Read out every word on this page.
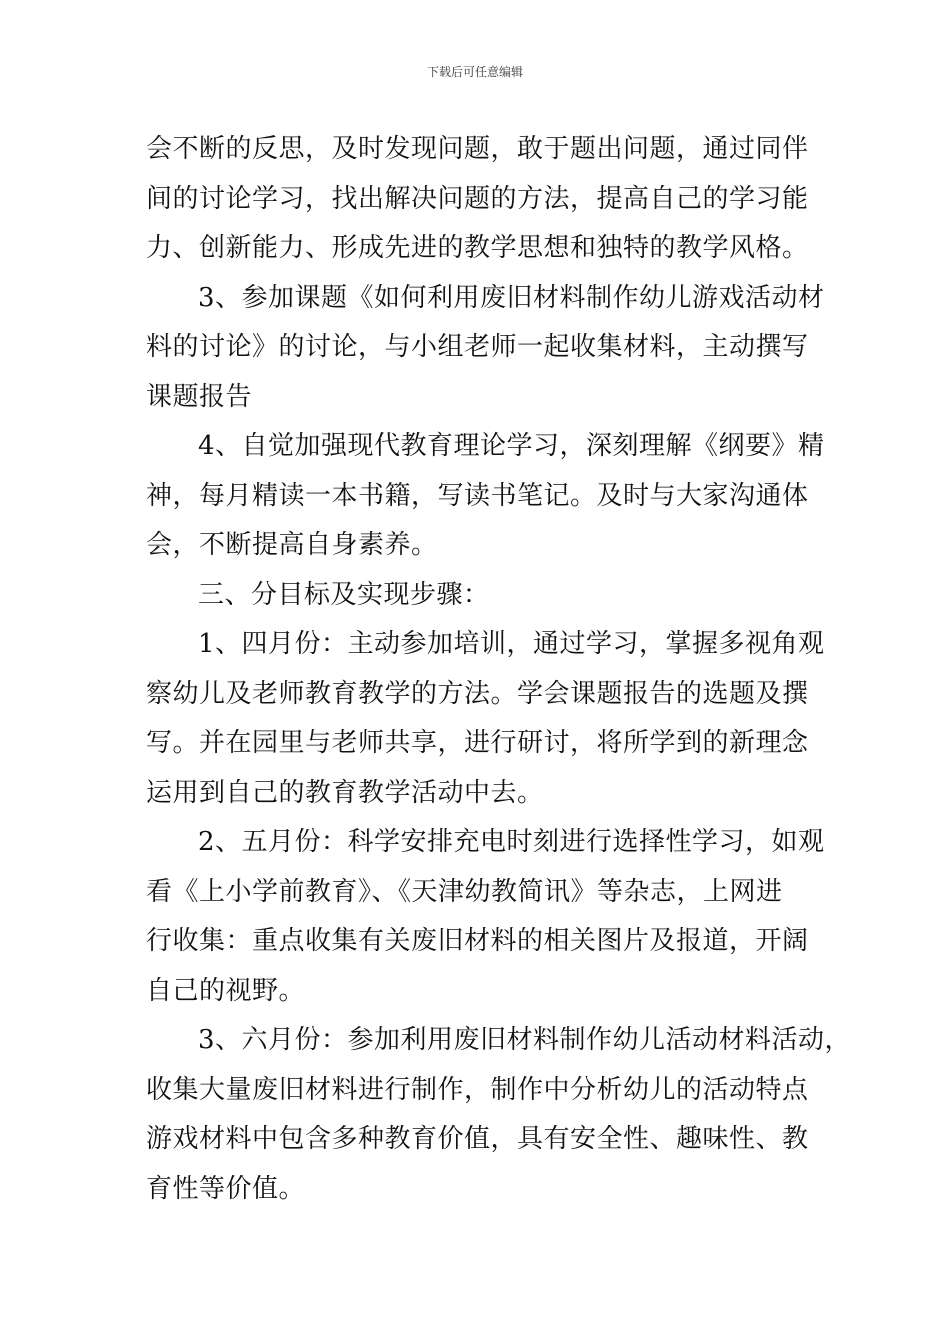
下载后可任意编辑
会不断的反思，及时发现问题，敢于题出问题，通过同伴
间的讨论学习，找出解决问题的方法，提高自己的学习能
力、创新能力、形成先进的教学思想和独特的教学风格。
3、参加课题《如何利用废旧材料制作幼儿游戏活动材
料的讨论》的讨论，与小组老师一起收集材料，主动撰写
课题报告
4、自觉加强现代教育理论学习，深刻理解《纲要》精
神，每月精读一本书籍，写读书笔记。及时与大家沟通体
会，不断提高自身素养。
三、分目标及实现步骤：
1、四月份：主动参加培训，通过学习，掌握多视角观
察幼儿及老师教育教学的方法。学会课题报告的选题及撰
写。并在园里与老师共享，进行研讨，将所学到的新理念
运用到自己的教育教学活动中去。
2、五月份：科学安排充电时刻进行选择性学习，如观
看《上小学前教育》、《天津幼教简讯》等杂志，上网进
行收集：重点收集有关废旧材料的相关图片及报道，开阔
自己的视野。
3、六月份：参加利用废旧材料制作幼儿活动材料活动，
收集大量废旧材料进行制作，制作中分析幼儿的活动特点
游戏材料中包含多种教育价值，具有安全性、趣味性、教
育性等价值。
